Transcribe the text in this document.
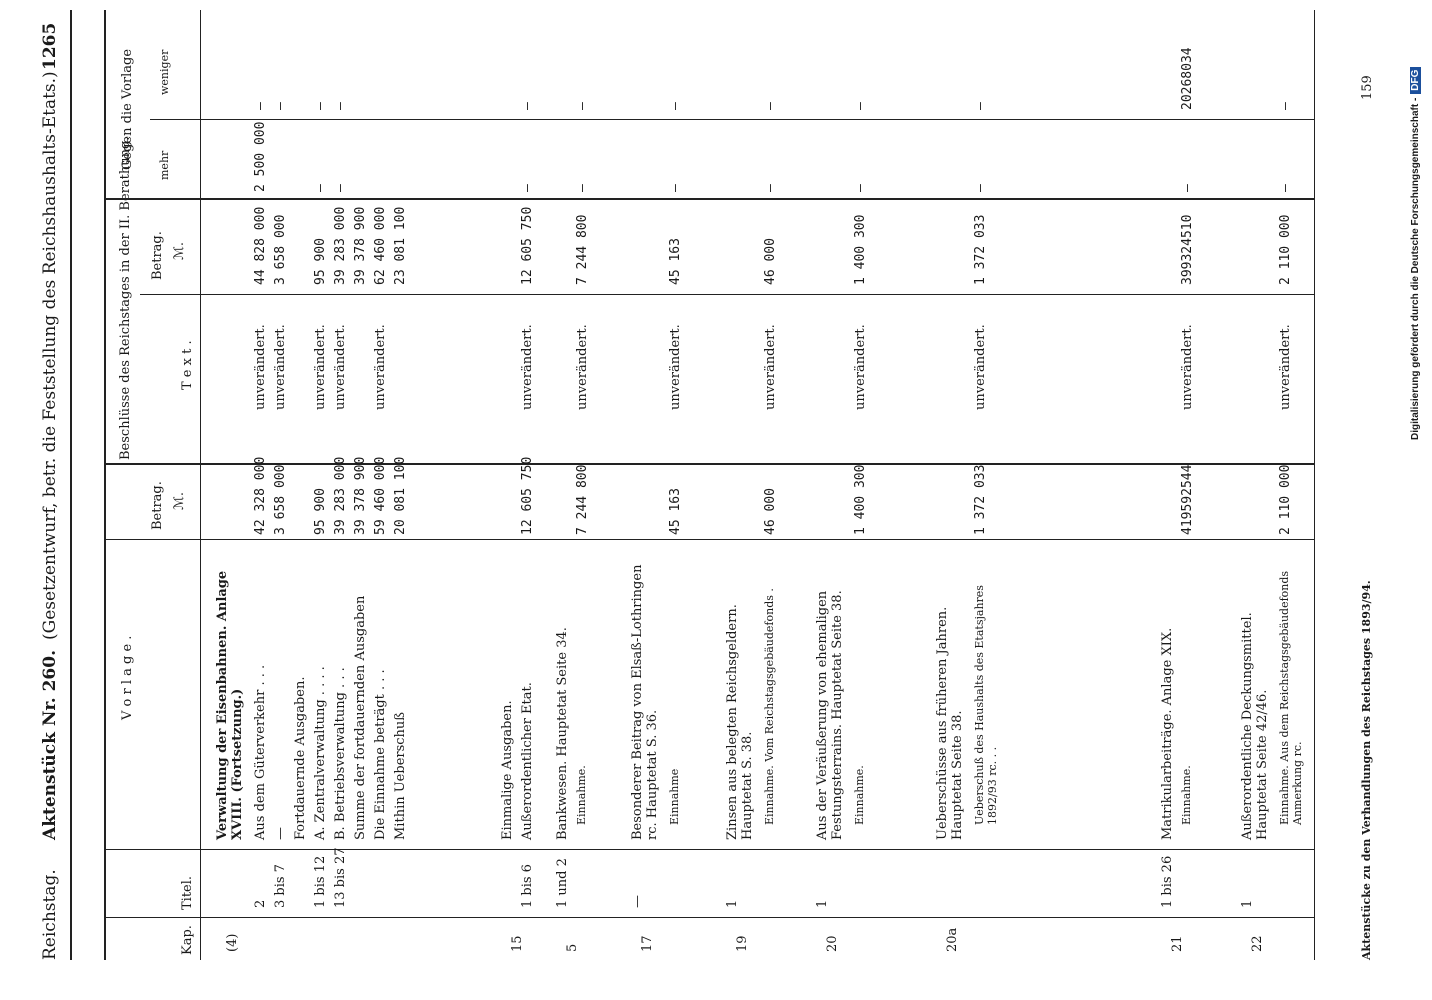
Reichstag.
Aktenstück Nr. 260.
(Gesetzentwurf, betr. die Feststellung des Reichshaushalts-Etats.)
1265
Kap.
Titel.
V o r l a g e .
Betrag. ℳ.
Beschlüsse des Reichstages in der II. Berathung.	T e x t .
Betrag. ℳ.
Gegen die Vorlage mehr
weniger
(4)
Verwaltung der Eisenbahnen. Anlage XVIII. (Fortsetzung.)
2
Aus dem Güterverkehr . . .
42 328 000
unverändert.
44 828 000
2 500 000
—
3 bis 7
—
3 658 000
unverändert.
3 658 000
—
Fortdauernde Ausgaben.
1 bis 12
A. Zentralverwaltung . . . .
95 900
unverändert.
95 900
—
—
13 bis 27
B. Betriebsverwaltung . . .
39 283 000
unverändert.
39 283 000
—
—
Summe der fortdauernden Ausgaben
39 378 900
39 378 900
Die Einnahme beträgt . . .
59 460 000
unverändert.
62 460 000
Mithin Ueberschuß
20 081 100
23 081 100
15
Einmalige Ausgaben.
1 bis 6
Außerordentlicher Etat.
12 605 750
unverändert.
12 605 750
—
—
5
1 und 2
Bankwesen. Hauptetat Seite 34. Einnahme.
7 244 800
unverändert.
7 244 800
—
—
17
—
Besonderer Beitrag von Elsaß-Lothringen rc. Hauptetat S. 36. Einnahme
45 163
unverändert.
45 163
—
—
19
1
Zinsen aus belegten Reichsgeldern. Hauptetat S. 38. Einnahme. Vom Reichstagsgebäudefonds .
46 000
unverändert.
46 000
—
—
20
1
Aus der Veräußerung von ehemaligen Festungsterrains. Hauptetat Seite 38. Einnahme.
1 400 300
unverändert.
1 400 300
—
—
20a
Ueberschüsse aus früheren Jahren. Hauptetat Seite 38. Ueberschuß des Haushalts des Etatsjahres 1892/93 rc. . .
1 372 033
unverändert.
1 372 033
—
—
21
1 bis 26
Matrikularbeiträge. Anlage XIX. Einnahme.
419592544
unverändert.
399324510
—
20268034
22
1
Außerordentliche Deckungsmittel. Hauptetat Seite 42/46. Einnahme. Aus dem Reichstagsgebäudefonds Anmerkung rc.
2 110 000
unverändert.
2 110 000
—
—
Aktenstücke zu den Verhandlungen des Reichstages 1893/94.
159
Digitalisierung gefördert durch die Deutsche Forschungsgemeinschaft -DFG
